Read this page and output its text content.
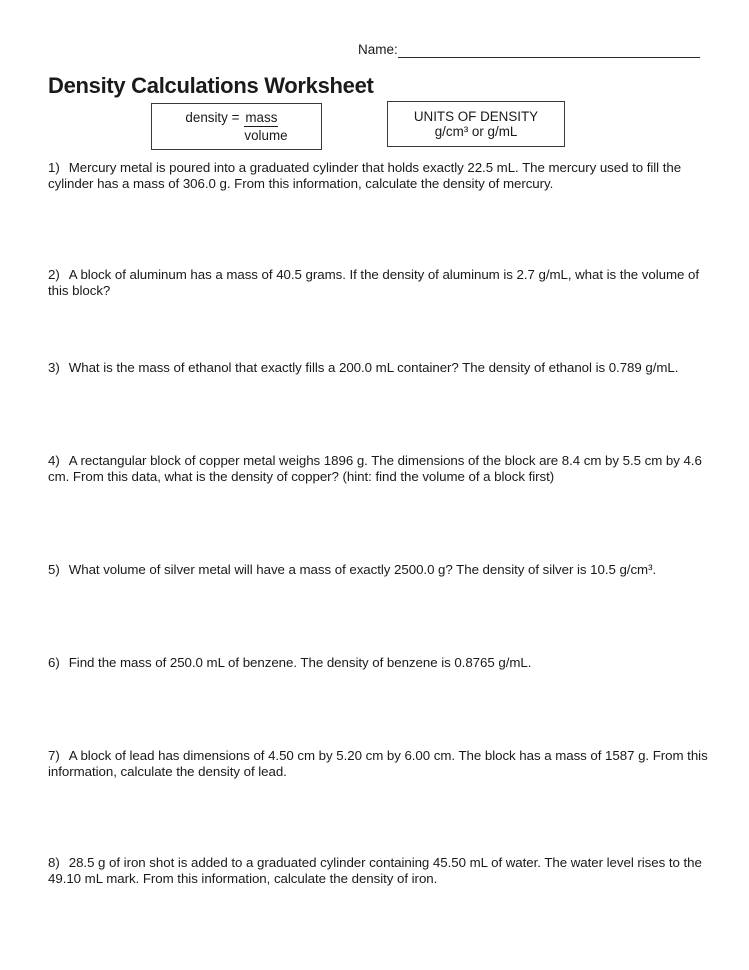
Name:
Density Calculations Worksheet
density = $\frac{\text{mass}}{\text{volume}}$	UNITS OF DENSITY
g/cm³ or g/mL

1) Mercury metal is poured into a graduated cylinder that holds exactly 22.5 mL. The mercury used to fill the cylinder has a mass of 306.0 g. From this information, calculate the density of mercury.

2) A block of aluminum has a mass of 40.5 grams. If the density of aluminum is 2.7 g/mL, what is the volume of this block?

3) What is the mass of ethanol that exactly fills a 200.0 mL container? The density of ethanol is 0.789 g/mL.

4) A rectangular block of copper metal weighs 1896 g. The dimensions of the block are 8.4 cm by 5.5 cm by 4.6 cm. From this data, what is the density of copper? (hint: find the volume of a block first)

5) What volume of silver metal will have a mass of exactly 2500.0 g? The density of silver is 10.5 g/cm³.

6) Find the mass of 250.0 mL of benzene. The density of benzene is 0.8765 g/mL.

7) A block of lead has dimensions of 4.50 cm by 5.20 cm by 6.00 cm. The block has a mass of 1587 g. From this information, calculate the density of lead.

8) 28.5 g of iron shot is added to a graduated cylinder containing 45.50 mL of water. The water level rises to the 49.10 mL mark. From this information, calculate the density of iron.
